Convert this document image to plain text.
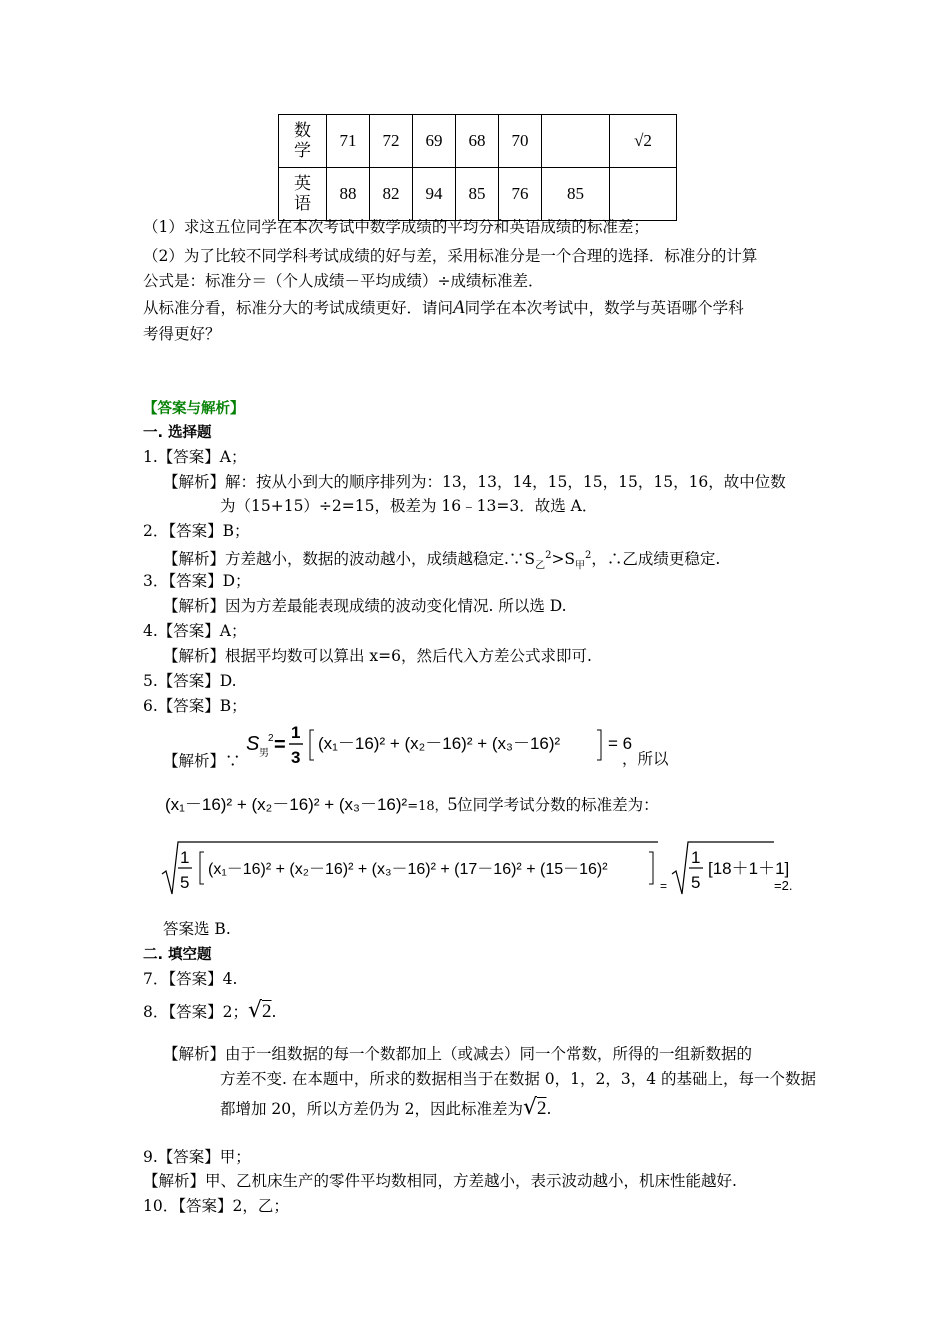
数
学	71	72	69	68	70		√2
英
语	88	82	94	85	76	85	
（1）求这五位同学在本次考试中数学成绩的平均分和英语成绩的标准差；
（2）为了比较不同学科考试成绩的好与差，采用标准分是一个合理的选择．标准分的计算
公式是：标准分＝（个人成绩－平均成绩）÷成绩标准差．
从标准分看，标准分大的考试成绩更好．请问A同学在本次考试中，数学与英语哪个学科
考得更好？
【答案与解析】
一. 选择题
1.【答案】A；
【解析】解：按从小到大的顺序排列为：13，13，14，15，15，15，15，16，故中位数
为（15+15）÷2=15，极差为 16﹣13=3．故选 A．
2．【答案】B；
【解析】方差越小，数据的波动越小，成绩越稳定$.\because S_乙^2>S_甲^2$，∴乙成绩更稳定.
3．【答案】D；
【解析】因为方差最能表现成绩的波动变化情况. 所以选 D.
4.【答案】A；
【解析】根据平均数可以算出 x=6，然后代入方差公式求即可.
5.【答案】D.
6.【答案】B；
【解析】∵
S 男
2 =
1
3
(x₁－16)² + (x₂－16)² + (x₃－16)²	= 6
，所以
(x₁－16)² + (x₂－16)² + (x₃－16)²=18，5位同学考试分数的标准差为：
1
5
(x₁－16)² + (x₂－16)² + (x₃－16)² + (17－16)² + (15－16)²
=
1
5
[18＋1＋1]
=2.
答案选 B.
二. 填空题
7．【答案】4.
8．【答案】2；√2.
【解析】由于一组数据的每一个数都加上（或减去）同一个常数，所得的一组新数据的
方差不变. 在本题中，所求的数据相当于在数据 0，1，2，3，4 的基础上，每一个数据
都增加 20，所以方差仍为 2，因此标准差为√2.
9.【答案】甲；
【解析】甲、乙机床生产的零件平均数相同，方差越小，表示波动越小，机床性能越好.
10．【答案】2，乙；
